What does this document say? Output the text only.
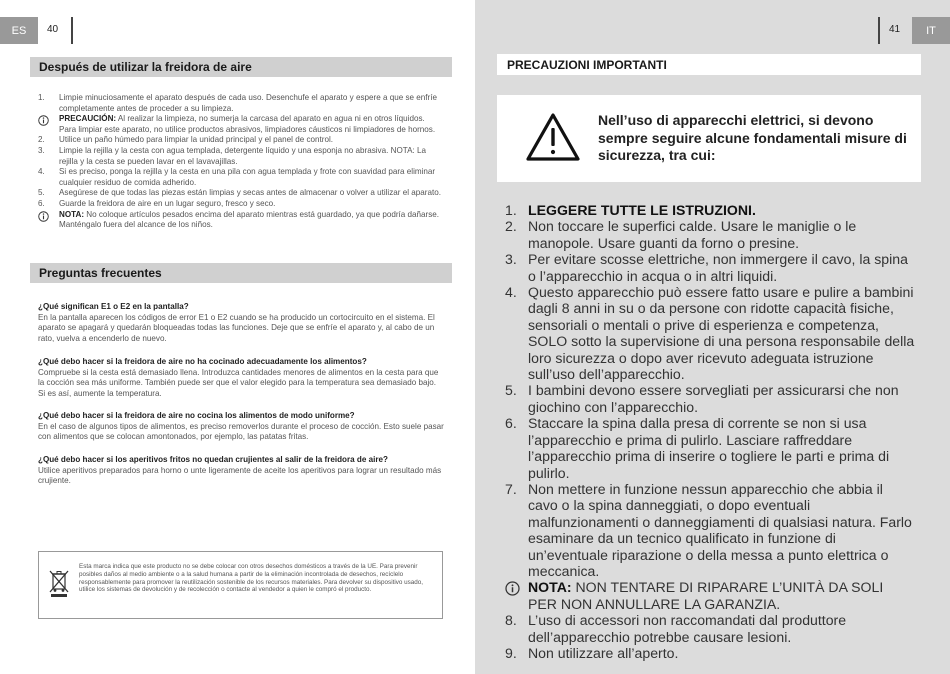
ES	40
Después de utilizar la freidora de aire
1.	Limpie minuciosamente el aparato después de cada uso. Desenchufe el aparato y espere a que se enfríe completamente antes de proceder a su limpieza.
PRECAUCIÓN: Al realizar la limpieza, no sumerja la carcasa del aparato en agua ni en otros líquidos. Para limpiar este aparato, no utilice productos abrasivos, limpiadores cáusticos ni limpiadores de hornos.
2.	Utilice un paño húmedo para limpiar la unidad principal y el panel de control.
3.	Limpie la rejilla y la cesta con agua templada, detergente líquido y una esponja no abrasiva. NOTA: La rejilla y la cesta se pueden lavar en el lavavajillas.
4.	Si es preciso, ponga la rejilla y la cesta en una pila con agua templada y frote con suavidad para eliminar cualquier residuo de comida adherido.
5.	Asegúrese de que todas las piezas están limpias y secas antes de almacenar o volver a utilizar el aparato.
6.	Guarde la freidora de aire en un lugar seguro, fresco y seco.
NOTA: No coloque artículos pesados encima del aparato mientras está guardado, ya que podría dañarse. Manténgalo fuera del alcance de los niños.
Preguntas frecuentes
¿Qué significan E1 o E2 en la pantalla?
En la pantalla aparecen los códigos de error E1 o E2 cuando se ha producido un cortocircuito en el sistema. El aparato se apagará y quedarán bloqueadas todas las funciones. Deje que se enfríe el aparato y, al cabo de un rato, vuelva a encenderlo de nuevo.
¿Qué debo hacer si la freidora de aire no ha cocinado adecuadamente los alimentos?
Compruebe si la cesta está demasiado llena. Introduzca cantidades menores de alimentos en la cesta para que la cocción sea más uniforme. También puede ser que el valor elegido para la temperatura sea demasiado bajo. Si es así, aumente la temperatura.
¿Qué debo hacer si la freidora de aire no cocina los alimentos de modo uniforme?
En el caso de algunos tipos de alimentos, es preciso removerlos durante el proceso de cocción. Esto suele pasar con alimentos que se colocan amontonados, por ejemplo, las patatas fritas.
¿Qué debo hacer si los aperitivos fritos no quedan crujientes al salir de la freidora de aire?
Utilice aperitivos preparados para horno o unte ligeramente de aceite los aperitivos para lograr un resultado más crujiente.
Esta marca indica que este producto no se debe colocar con otros desechos domésticos a través de la UE. Para prevenir posibles daños al medio ambiente o a la salud humana a partir de la eliminación incontrolada de desechos, recíclelo responsablemente para promover la reutilización sostenible de los recursos materiales. Para devolver su dispositivo usado, utilice los sistemas de devolución y de recolección o contacte al vendedor a quien le compró el producto.
41	IT
PRECAUZIONI IMPORTANTI
Nell’uso di apparecchi elettrici, si devono sempre seguire alcune fondamentali misure di sicurezza, tra cui:
1. LEGGERE TUTTE LE ISTRUZIONI.
2. Non toccare le superfici calde. Usare le maniglie o le manopole. Usare guanti da forno o presine.
3. Per evitare scosse elettriche, non immergere il cavo, la spina o l’apparecchio in acqua o in altri liquidi.
4. Questo apparecchio può essere fatto usare e pulire a bambini dagli 8 anni in su o da persone con ridotte capacità fisiche, sensoriali o mentali o prive di esperienza e competenza, SOLO sotto la supervisione di una persona responsabile della loro sicurezza o dopo aver ricevuto adeguata istruzione sull’uso dell’apparecchio.
5. I bambini devono essere sorvegliati per assicurarsi che non giochino con l’apparecchio.
6. Staccare la spina dalla presa di corrente se non si usa l’apparecchio e prima di pulirlo. Lasciare raffreddare l’apparecchio prima di inserire o togliere le parti e prima di pulirlo.
7. Non mettere in funzione nessun apparecchio che abbia il cavo o la spina danneggiati, o dopo eventuali malfunzionamenti o danneggiamenti di qualsiasi natura. Farlo esaminare da un tecnico qualificato in funzione di un’eventuale riparazione o della messa a punto elettrica o meccanica.
NOTA: NON TENTARE DI RIPARARE L’UNITÀ DA SOLI PER NON ANNULLARE LA GARANZIA.
8. L’uso di accessori non raccomandati dal produttore dell’apparecchio potrebbe causare lesioni.
9. Non utilizzare all’aperto.
